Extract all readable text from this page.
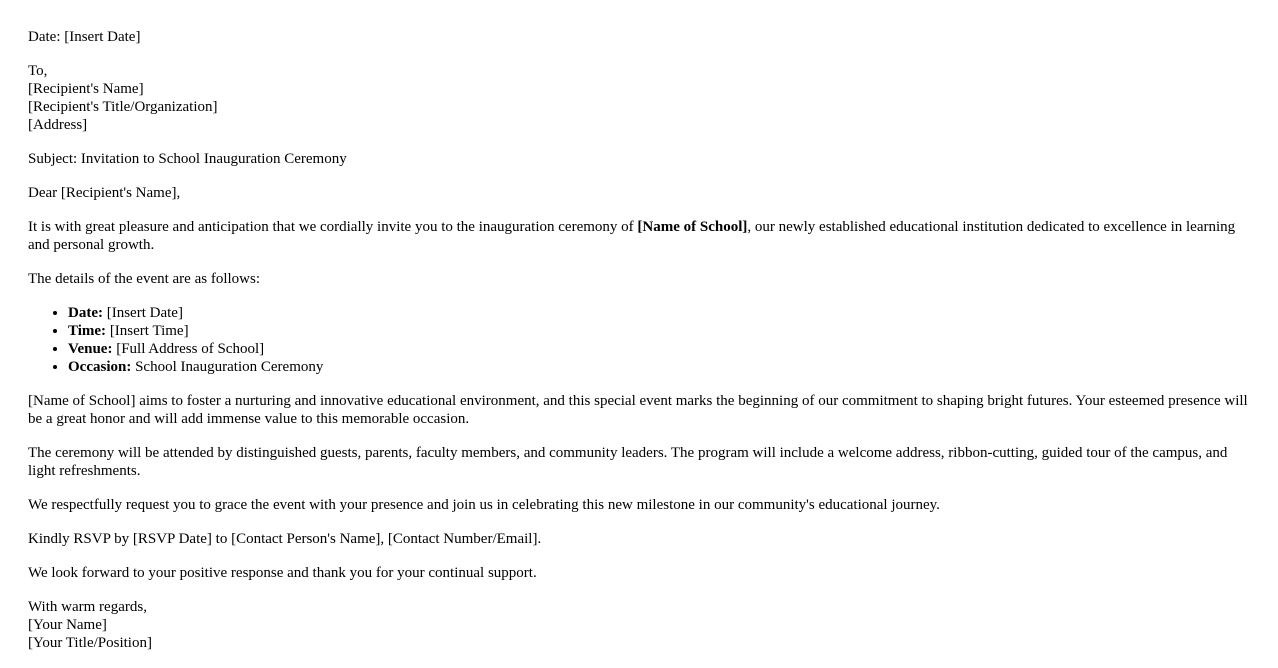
Date: [Insert Date]

To,
[Recipient's Name]
[Recipient's Title/Organization]
[Address]

Subject: Invitation to School Inauguration Ceremony

Dear [Recipient's Name],

It is with great pleasure and anticipation that we cordially invite you to the inauguration ceremony of [Name of School], our newly established educational institution dedicated to excellence in learning and personal growth.

The details of the event are as follows:

• Date: [Insert Date]
• Time: [Insert Time]
• Venue: [Full Address of School]
• Occasion: School Inauguration Ceremony

[Name of School] aims to foster a nurturing and innovative educational environment, and this special event marks the beginning of our commitment to shaping bright futures. Your esteemed presence will be a great honor and will add immense value to this memorable occasion.

The ceremony will be attended by distinguished guests, parents, faculty members, and community leaders. The program will include a welcome address, ribbon-cutting, guided tour of the campus, and light refreshments.

We respectfully request you to grace the event with your presence and join us in celebrating this new milestone in our community's educational journey.

Kindly RSVP by [RSVP Date] to [Contact Person's Name], [Contact Number/Email].

We look forward to your positive response and thank you for your continual support.

With warm regards,
[Your Name]
[Your Title/Position]
